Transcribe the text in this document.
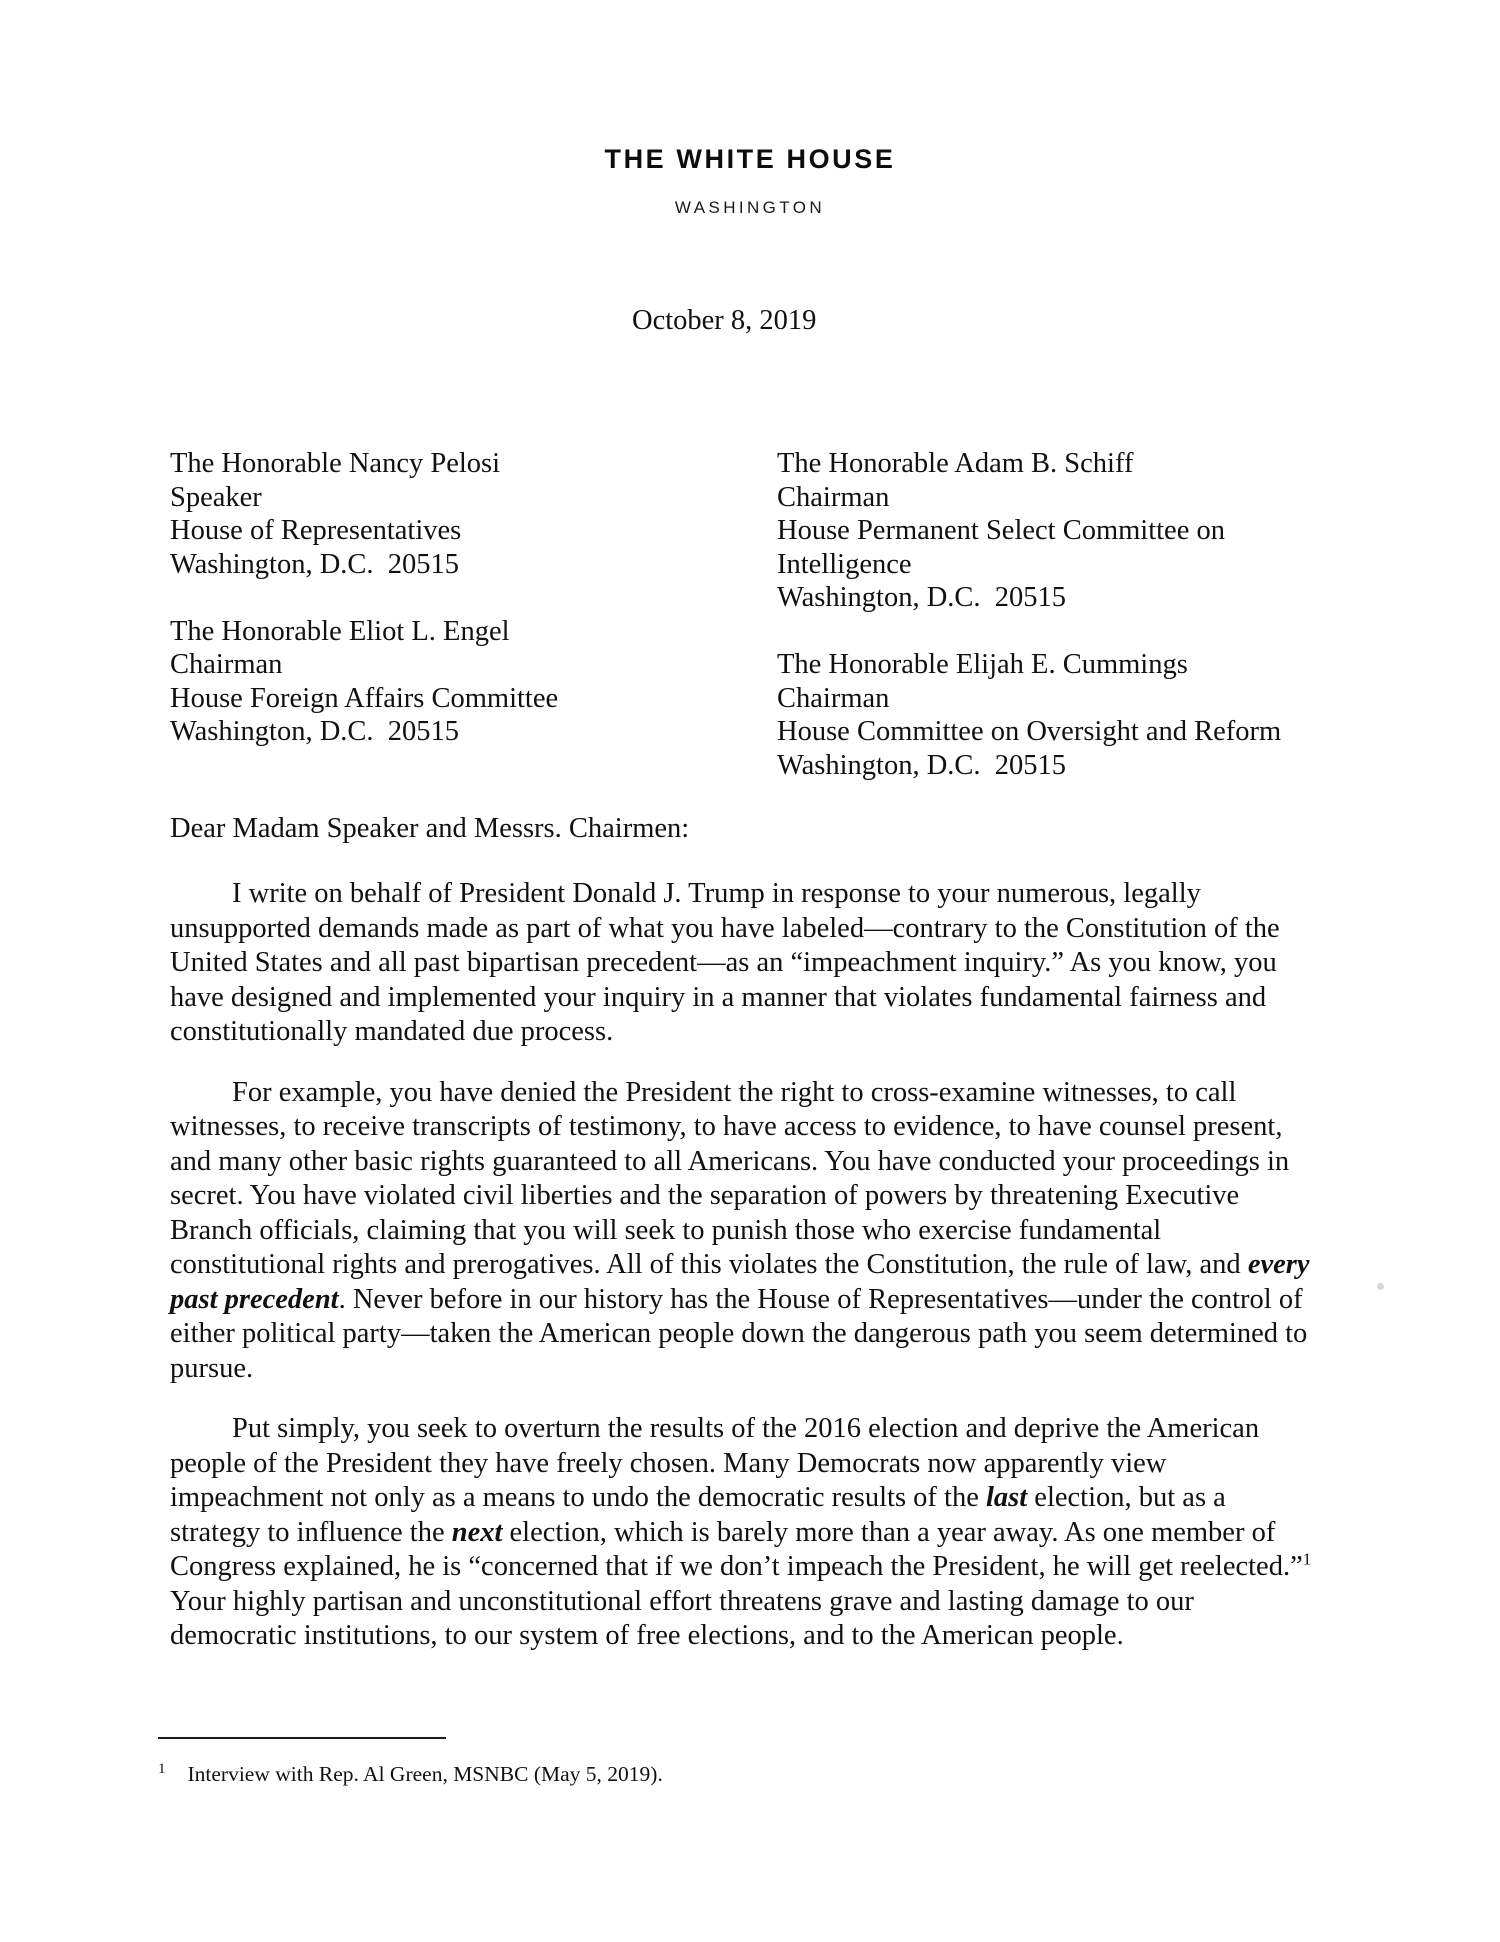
THE WHITE HOUSE
WASHINGTON
October 8, 2019
The Honorable Nancy Pelosi
Speaker
House of Representatives
Washington, D.C.  20515
The Honorable Eliot L. Engel
Chairman
House Foreign Affairs Committee
Washington, D.C.  20515
The Honorable Adam B. Schiff
Chairman
House Permanent Select Committee on
Intelligence
Washington, D.C.  20515
The Honorable Elijah E. Cummings
Chairman
House Committee on Oversight and Reform
Washington, D.C.  20515
Dear Madam Speaker and Messrs. Chairmen:

I write on behalf of President Donald J. Trump in response to your numerous, legally unsupported demands made as part of what you have labeled—contrary to the Constitution of the United States and all past bipartisan precedent—as an “impeachment inquiry.” As you know, you have designed and implemented your inquiry in a manner that violates fundamental fairness and constitutionally mandated due process.

For example, you have denied the President the right to cross-examine witnesses, to call witnesses, to receive transcripts of testimony, to have access to evidence, to have counsel present, and many other basic rights guaranteed to all Americans. You have conducted your proceedings in secret. You have violated civil liberties and the separation of powers by threatening Executive Branch officials, claiming that you will seek to punish those who exercise fundamental constitutional rights and prerogatives. All of this violates the Constitution, the rule of law, and every past precedent. Never before in our history has the House of Representatives—under the control of either political party—taken the American people down the dangerous path you seem determined to pursue.

Put simply, you seek to overturn the results of the 2016 election and deprive the American people of the President they have freely chosen. Many Democrats now apparently view impeachment not only as a means to undo the democratic results of the last election, but as a strategy to influence the next election, which is barely more than a year away. As one member of Congress explained, he is “concerned that if we don’t impeach the President, he will get reelected.”$^1$ Your highly partisan and unconstitutional effort threatens grave and lasting damage to our democratic institutions, to our system of free elections, and to the American people.

$^1$ Interview with Rep. Al Green, MSNBC (May 5, 2019).
